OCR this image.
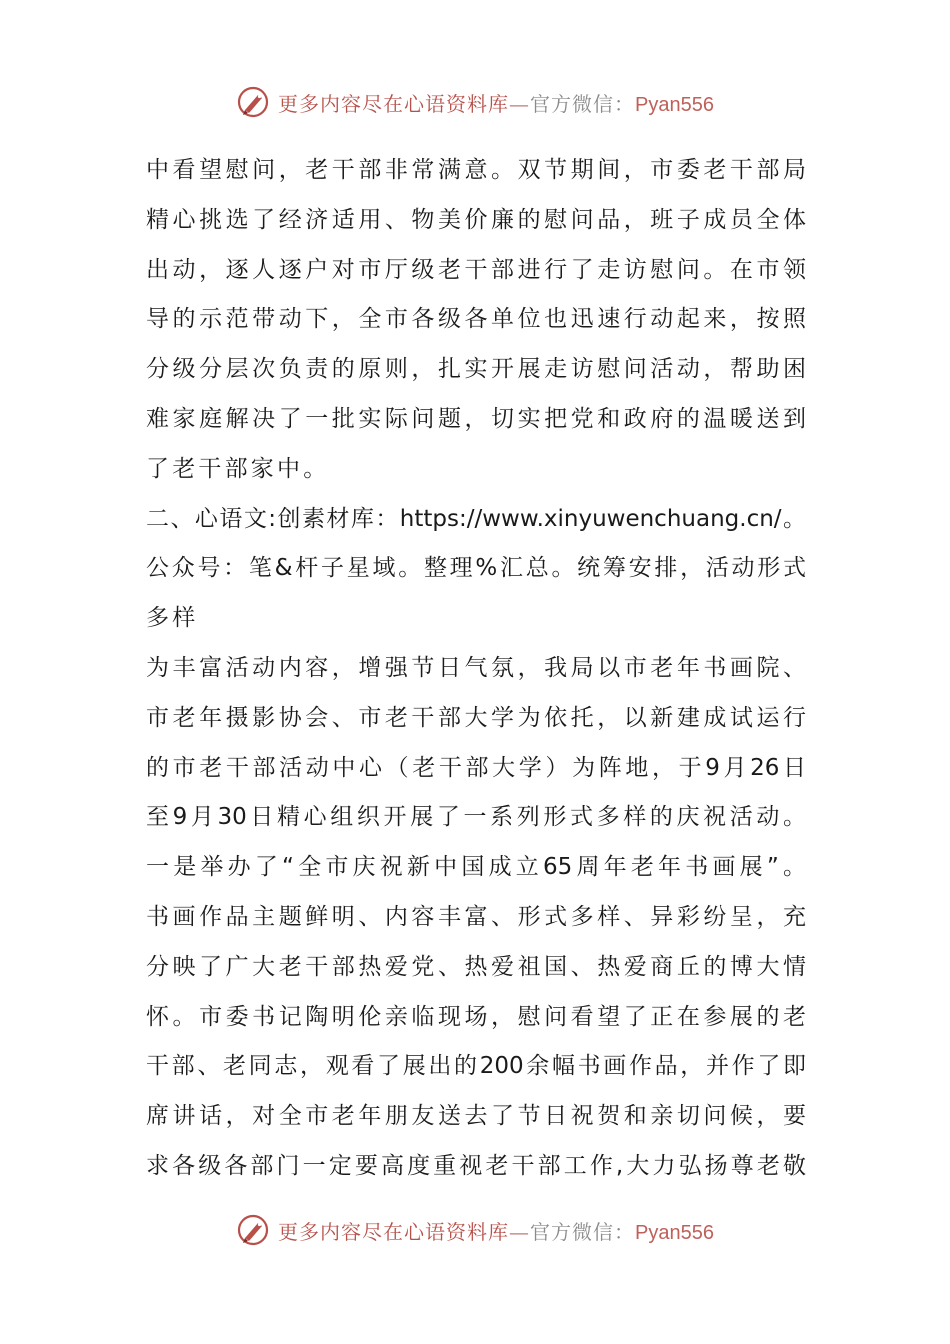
更多内容尽在心语资料库—官方微信：Pyan556
中看望慰问，老干部非常满意。双节期间，市委老干部局
精心挑选了经济适用、物美价廉的慰问品，班子成员全体
出动，逐人逐户对市厅级老干部进行了走访慰问。在市领
导的示范带动下，全市各级各单位也迅速行动起来，按照
分级分层次负责的原则，扎实开展走访慰问活动，帮助困
难家庭解决了一批实际问题，切实把党和政府的温暖送到
了老干部家中。
二、心语文:创素材库：https://www.xinyuwenchuang.cn/。
公众号：笔&杆子星域。整理%汇总。统筹安排，活动形式
多样
为丰富活动内容，增强节日气氛，我局以市老年书画院、
市老年摄影协会、市老干部大学为依托，以新建成试运行
的市老干部活动中心（老干部大学）为阵地，于9月26日
至9月30日精心组织开展了一系列形式多样的庆祝活动。
一是举办了“全市庆祝新中国成立65周年老年书画展”。
书画作品主题鲜明、内容丰富、形式多样、异彩纷呈，充
分映了广大老干部热爱党、热爱祖国、热爱商丘的博大情
怀。市委书记陶明伦亲临现场，慰问看望了正在参展的老
干部、老同志，观看了展出的200余幅书画作品，并作了即
席讲话，对全市老年朋友送去了节日祝贺和亲切问候，要
求各级各部门一定要高度重视老干部工作,大力弘扬尊老敬
更多内容尽在心语资料库—官方微信：Pyan556
